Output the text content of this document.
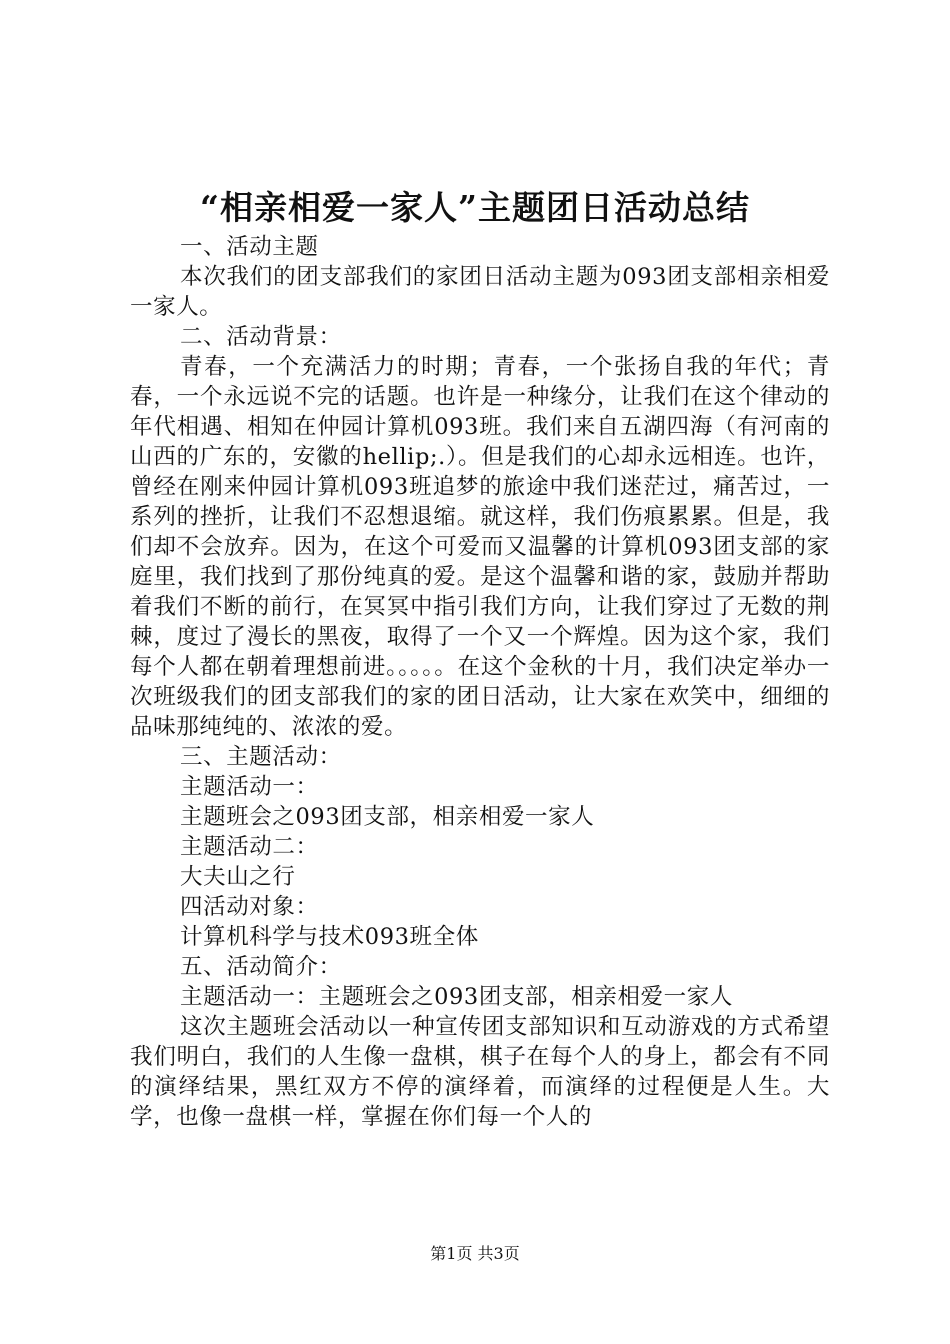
“相亲相爱一家人”主题团日活动总结

一、活动主题

本次我们的团支部我们的家团日活动主题为093团支部相亲相爱一家人。

二、活动背景：

青春，一个充满活力的时期；青春，一个张扬自我的年代；青春，一个永远说不完的话题。也许是一种缘分，让我们在这个律动的年代相遇、相知在仲园计算机093班。我们来自五湖四海（有河南的山西的广东的，安徽的hellip;.）。但是我们的心却永远相连。也许，曾经在刚来仲园计算机093班追梦的旅途中我们迷茫过，痛苦过，一系列的挫折，让我们不忍想退缩。就这样，我们伤痕累累。但是，我们却不会放弃。因为，在这个可爱而又温馨的计算机093团支部的家庭里，我们找到了那份纯真的爱。是这个温馨和谐的家，鼓励并帮助着我们不断的前行，在冥冥中指引我们方向，让我们穿过了无数的荆棘，度过了漫长的黑夜，取得了一个又一个辉煌。因为这个家，我们每个人都在朝着理想前进。。。。。在这个金秋的十月，我们决定举办一次班级我们的团支部我们的家的团日活动，让大家在欢笑中，细细的品味那纯纯的、浓浓的爱。

三、主题活动：

主题活动一：

主题班会之093团支部，相亲相爱一家人

主题活动二：

大夫山之行

四活动对象：

计算机科学与技术093班全体

五、活动简介：

主题活动一：主题班会之093团支部，相亲相爱一家人

这次主题班会活动以一种宣传团支部知识和互动游戏的方式希望我们明白，我们的人生像一盘棋，棋子在每个人的身上，都会有不同的演绎结果，黑红双方不停的演绎着，而演绎的过程便是人生。大学，也像一盘棋一样，掌握在你们每一个人的

第1页 共3页
